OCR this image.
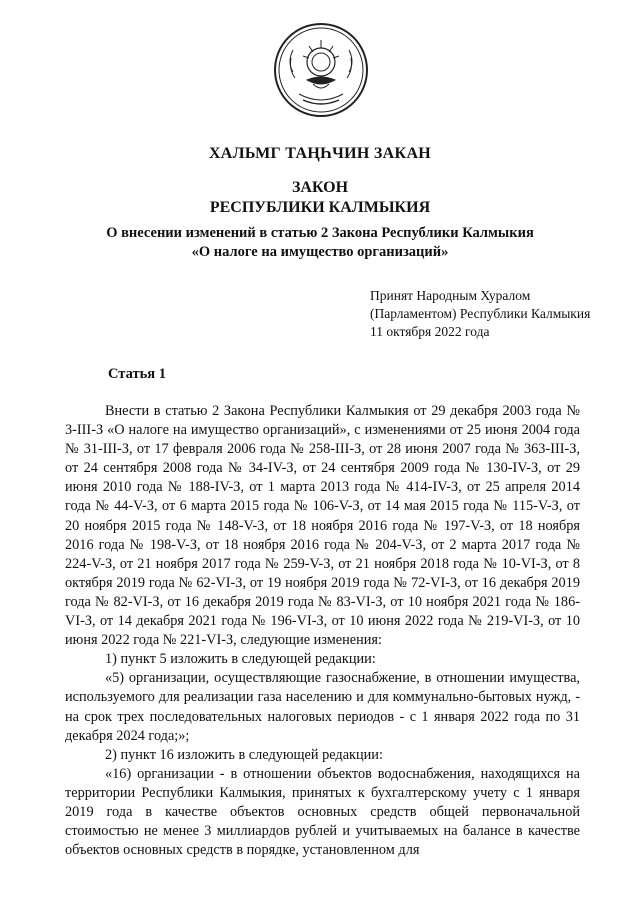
ХАЛЬМГ ТАҢҺЧИН ЗАКАН
ЗАКОН
РЕСПУБЛИКИ КАЛМЫКИЯ
О внесении изменений в статью 2 Закона Республики Калмыкия
«О налоге на имущество организаций»
Принят Народным Хуралом
(Парламентом) Республики Калмыкия
11 октября 2022 года
Статья 1

Внести в статью 2 Закона Республики Калмыкия от 29 декабря 2003 года № 3-III-З «О налоге на имущество организаций», с изменениями от 25 июня 2004 года № 31-III-З, от 17 февраля 2006 года № 258-III-З, от 28 июня 2007 года № 363-III-З, от 24 сентября 2008 года № 34-IV-З, от 24 сентября 2009 года № 130-IV-З, от 29 июня 2010 года № 188-IV-З, от 1 марта 2013 года № 414-IV-З, от 25 апреля 2014 года № 44-V-З, от 6 марта 2015 года № 106-V-З, от 14 мая 2015 года № 115-V-З, от 20 ноября 2015 года № 148-V-З, от 18 ноября 2016 года № 197-V-З, от 18 ноября 2016 года № 198-V-З, от 18 ноября 2016 года № 204-V-З, от 2 марта 2017 года № 224-V-З, от 21 ноября 2017 года № 259-V-З, от 21 ноября 2018 года № 10-VI-З, от 8 октября 2019 года № 62-VI-З, от 19 ноября 2019 года № 72-VI-З, от 16 декабря 2019 года № 82-VI-З, от 16 декабря 2019 года № 83-VI-З, от 10 ноября 2021 года № 186-VI-З, от 14 декабря 2021 года № 196-VI-З, от 10 июня 2022 года № 219-VI-З, от 10 июня 2022 года № 221-VI-З, следующие изменения:

1) пункт 5 изложить в следующей редакции:

«5) организации, осуществляющие газоснабжение, в отношении имущества, используемого для реализации газа населению и для коммунально-бытовых нужд, - на срок трех последовательных налоговых периодов - с 1 января 2022 года по 31 декабря 2024 года;»;

2) пункт 16 изложить в следующей редакции:

«16) организации - в отношении объектов водоснабжения, находящихся на территории Республики Калмыкия, принятых к бухгалтерскому учету с 1 января 2019 года в качестве объектов основных средств общей первоначальной стоимостью не менее 3 миллиардов рублей и учитываемых на балансе в качестве объектов основных средств в порядке, установленном для
